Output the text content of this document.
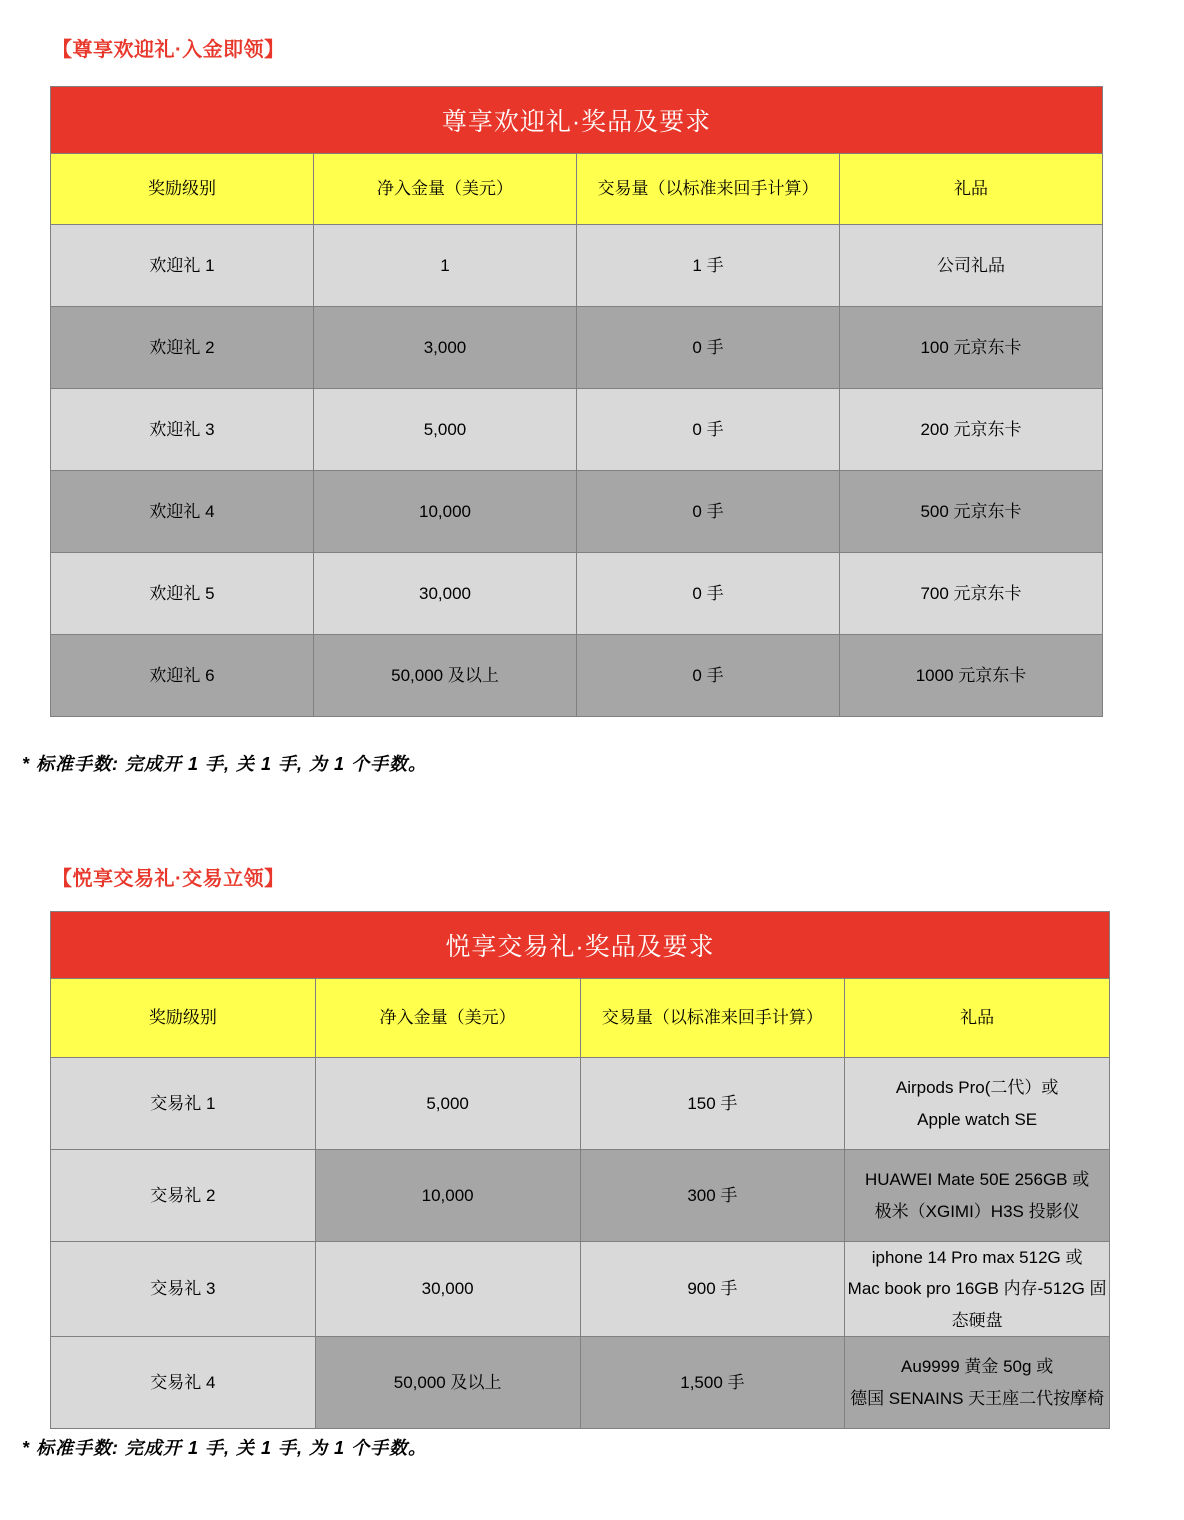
【尊享欢迎礼·入金即领】
尊享欢迎礼·奖品及要求			
奖励级别	净入金量（美元）	交易量（以标准来回手计算）	礼品
欢迎礼 1	1	1 手	公司礼品
欢迎礼 2	3,000	0 手	100 元京东卡
欢迎礼 3	5,000	0 手	200 元京东卡
欢迎礼 4	10,000	0 手	500 元京东卡
欢迎礼 5	30,000	0 手	700 元京东卡
欢迎礼 6	50,000 及以上	0 手	1000 元京东卡
* 标准手数: 完成开 1 手, 关 1 手, 为 1 个手数。
【悦享交易礼·交易立领】
悦享交易礼·奖品及要求			
奖励级别	净入金量（美元）	交易量（以标准来回手计算）	礼品
交易礼 1	5,000	150 手	Airpods Pro(二代）或
Apple watch SE

交易礼 2	10,000	300 手	HUAWEI Mate 50E 256GB 或
极米（XGIMI）H3S 投影仪

交易礼 3	30,000	900 手	iphone 14 Pro max 512G 或
Mac book pro 16GB 内存-512G 固态硬盘

交易礼 4	50,000 及以上	1,500 手	Au9999 黄金 50g 或
德国 SENAINS 天王座二代按摩椅
* 标准手数: 完成开 1 手, 关 1 手, 为 1 个手数。
